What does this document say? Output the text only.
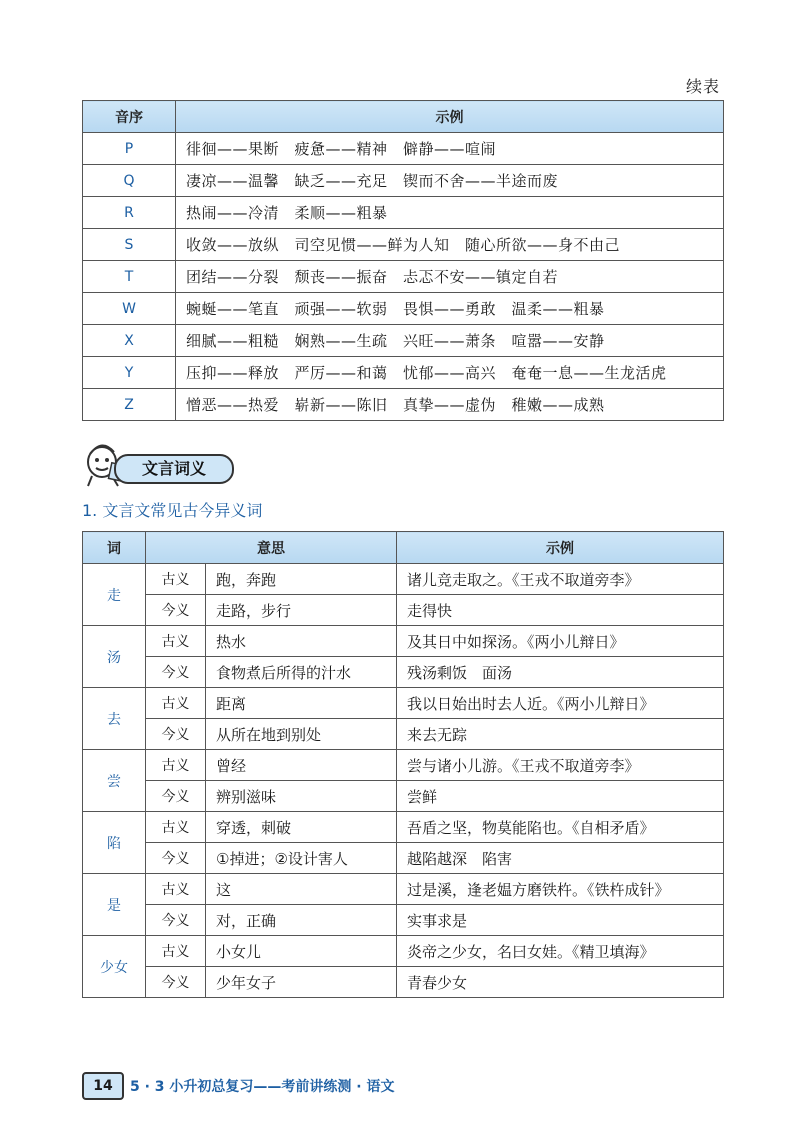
续表
音序	示例
P	徘徊——果断　疲惫——精神　僻静——喧闹
Q	凄凉——温馨　缺乏——充足　锲而不舍——半途而废
R	热闹——冷清　柔顺——粗暴
S	收敛——放纵　司空见惯——鲜为人知　随心所欲——身不由己
T	团结——分裂　颓丧——振奋　忐忑不安——镇定自若
W	蜿蜒——笔直　顽强——软弱　畏惧——勇敢　温柔——粗暴
X	细腻——粗糙　娴熟——生疏　兴旺——萧条　喧嚣——安静
Y	压抑——释放　严厉——和蔼　忧郁——高兴　奄奄一息——生龙活虎
Z	憎恶——热爱　崭新——陈旧　真挚——虚伪　稚嫩——成熟
文言词义
1. 文言文常见古今异义词
词	意思		示例
走	古义	跑，奔跑	诸儿竞走取之。《王戎不取道旁李》
	今义	走路，步行	走得快
汤	古义	热水	及其日中如探汤。《两小儿辩日》
	今义	食物煮后所得的汁水	残汤剩饭　面汤
去	古义	距离	我以日始出时去人近。《两小儿辩日》
	今义	从所在地到别处	来去无踪
尝	古义	曾经	尝与诸小儿游。《王戎不取道旁李》
	今义	辨别滋味	尝鲜
陷	古义	穿透，刺破	吾盾之坚，物莫能陷也。《自相矛盾》
	今义	①掉进；②设计害人	越陷越深　陷害
是	古义	这	过是溪，逢老媪方磨铁杵。《铁杵成针》
	今义	对，正确	实事求是
少女	古义	小女儿	炎帝之少女，名曰女娃。《精卫填海》
	今义	少年女子	青春少女
14	5 · 3 小升初总复习——考前讲练测 · 语文
